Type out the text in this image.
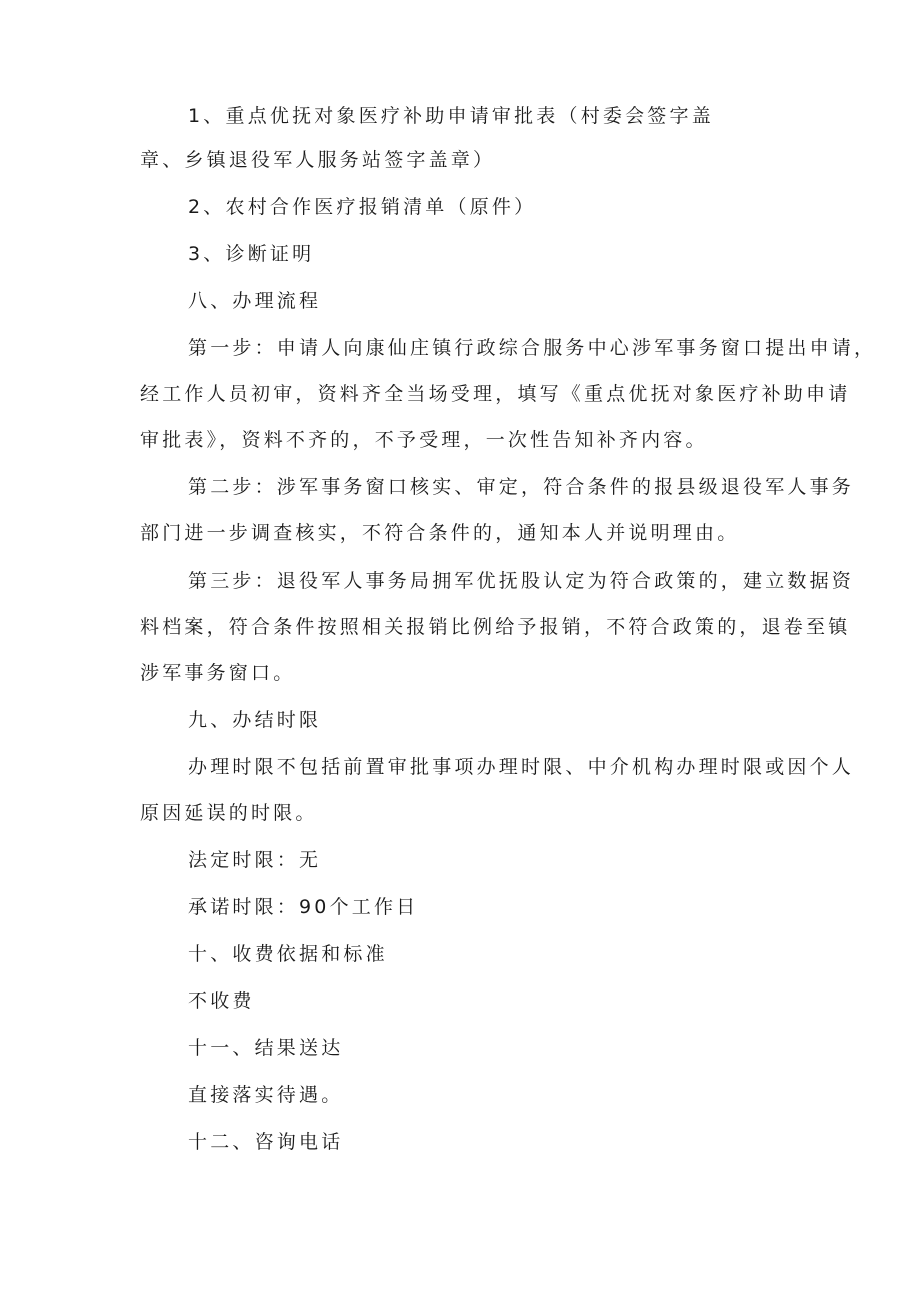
1、重点优抚对象医疗补助申请审批表（村委会签字盖
章、乡镇退役军人服务站签字盖章）
2、农村合作医疗报销清单（原件）
3、诊断证明
八、办理流程
第一步：申请人向康仙庄镇行政综合服务中心涉军事务窗口提出申请，
经工作人员初审，资料齐全当场受理，填写《重点优抚对象医疗补助申请
审批表》，资料不齐的，不予受理，一次性告知补齐内容。
第二步：涉军事务窗口核实、审定，符合条件的报县级退役军人事务
部门进一步调查核实，不符合条件的，通知本人并说明理由。
第三步：退役军人事务局拥军优抚股认定为符合政策的，建立数据资
料档案，符合条件按照相关报销比例给予报销，不符合政策的，退卷至镇
涉军事务窗口。
九、办结时限
办理时限不包括前置审批事项办理时限、中介机构办理时限或因个人
原因延误的时限。
法定时限：无
承诺时限：90个工作日
十、收费依据和标准
不收费
十一、结果送达
直接落实待遇。
十二、咨询电话
